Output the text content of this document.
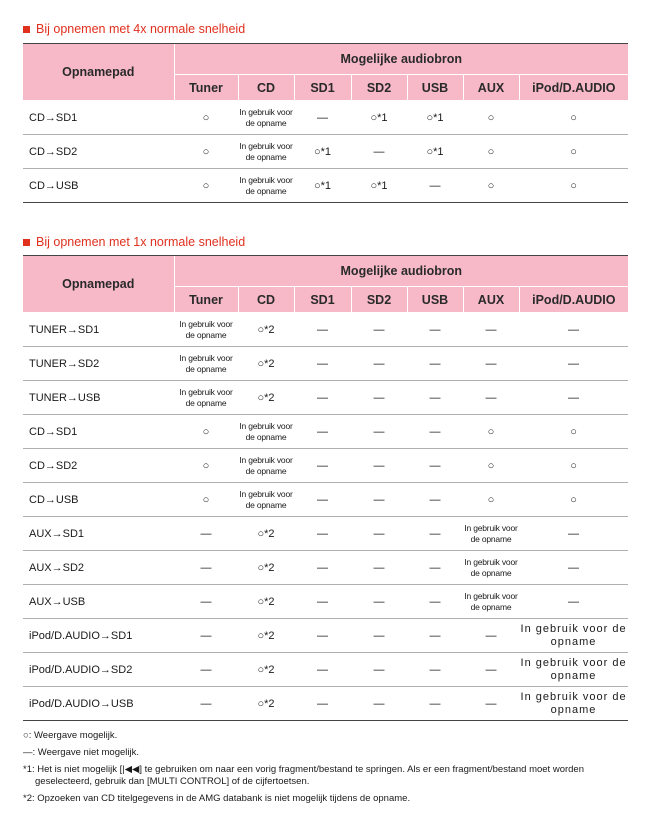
Bij opnemen met 4x normale snelheid
Opnamepad	Mogelijke audiobron						
	Tuner	CD	SD1	SD2	USB	AUX	iPod/D.AUDIO
CD→SD1	○	In gebruik voor de opname	—	○*1	○*1	○	○
CD→SD2	○	In gebruik voor de opname	○*1	—	○*1	○	○
CD→USB	○	In gebruik voor de opname	○*1	○*1	—	○	○
Bij opnemen met 1x normale snelheid
Opnamepad	Mogelijke audiobron						
	Tuner	CD	SD1	SD2	USB	AUX	iPod/D.AUDIO
TUNER→SD1	In gebruik voor de opname	○*2	—	—	—	—	—
TUNER→SD2	In gebruik voor de opname	○*2	—	—	—	—	—
TUNER→USB	In gebruik voor de opname	○*2	—	—	—	—	—
CD→SD1	○	In gebruik voor de opname	—	—	—	○	○
CD→SD2	○	In gebruik voor de opname	—	—	—	○	○
CD→USB	○	In gebruik voor de opname	—	—	—	○	○
AUX→SD1	—	○*2	—	—	—	In gebruik voor de opname	—
AUX→SD2	—	○*2	—	—	—	In gebruik voor de opname	—
AUX→USB	—	○*2	—	—	—	In gebruik voor de opname	—
iPod/D.AUDIO→SD1	—	○*2	—	—	—	—	In gebruik voor de opname
iPod/D.AUDIO→SD2	—	○*2	—	—	—	—	In gebruik voor de opname
iPod/D.AUDIO→USB	—	○*2	—	—	—	—	In gebruik voor de opname

○: Weergave mogelijk.

—: Weergave niet mogelijk.

*1: Het is niet mogelijk [|◀◀] te gebruiken om naar een vorig fragment/bestand te springen. Als er een fragment/bestand moet worden geselecteerd, gebruik dan [MULTI CONTROL] of de cijfertoetsen.

*2: Opzoeken van CD titelgegevens in de AMG databank is niet mogelijk tijdens de opname.
